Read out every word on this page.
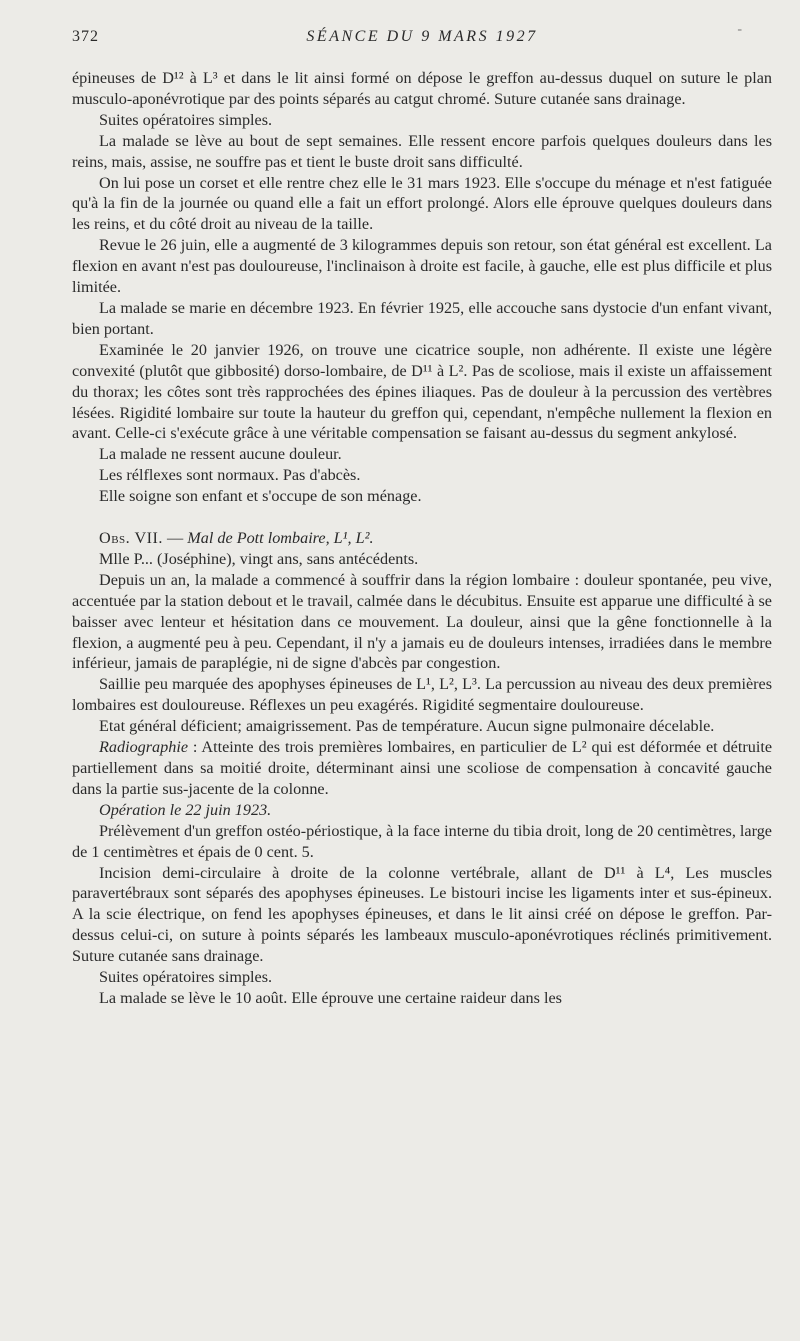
-
372	SÉANCE DU 9 MARS 1927

épineuses de D¹² à L³ et dans le lit ainsi formé on dépose le greffon au-dessus duquel on suture le plan musculo-aponévrotique par des points séparés au catgut chromé. Suture cutanée sans drainage.

Suites opératoires simples.

La malade se lève au bout de sept semaines. Elle ressent encore parfois quelques douleurs dans les reins, mais, assise, ne souffre pas et tient le buste droit sans difficulté.

On lui pose un corset et elle rentre chez elle le 31 mars 1923. Elle s'occupe du ménage et n'est fatiguée qu'à la fin de la journée ou quand elle a fait un effort prolongé. Alors elle éprouve quelques douleurs dans les reins, et du côté droit au niveau de la taille.

Revue le 26 juin, elle a augmenté de 3 kilogrammes depuis son retour, son état général est excellent. La flexion en avant n'est pas douloureuse, l'inclinaison à droite est facile, à gauche, elle est plus difficile et plus limitée.

La malade se marie en décembre 1923. En février 1925, elle accouche sans dystocie d'un enfant vivant, bien portant.

Examinée le 20 janvier 1926, on trouve une cicatrice souple, non adhérente. Il existe une légère convexité (plutôt que gibbosité) dorso-lombaire, de D¹¹ à L². Pas de scoliose, mais il existe un affaissement du thorax; les côtes sont très rapprochées des épines iliaques. Pas de douleur à la percussion des vertèbres lésées. Rigidité lombaire sur toute la hauteur du greffon qui, cependant, n'empêche nullement la flexion en avant. Celle-ci s'exécute grâce à une véritable compensation se faisant au-dessus du segment ankylosé.

La malade ne ressent aucune douleur.

Les rélflexes sont normaux. Pas d'abcès.

Elle soigne son enfant et s'occupe de son ménage.

Obs. VII. — Mal de Pott lombaire, L¹, L².

Mlle P... (Joséphine), vingt ans, sans antécédents.

Depuis un an, la malade a commencé à souffrir dans la région lombaire : douleur spontanée, peu vive, accentuée par la station debout et le travail, calmée dans le décubitus. Ensuite est apparue une difficulté à se baisser avec lenteur et hésitation dans ce mouvement. La douleur, ainsi que la gêne fonctionnelle à la flexion, a augmenté peu à peu. Cependant, il n'y a jamais eu de douleurs intenses, irradiées dans le membre inférieur, jamais de paraplégie, ni de signe d'abcès par congestion.

Saillie peu marquée des apophyses épineuses de L¹, L², L³. La percussion au niveau des deux premières lombaires est douloureuse. Réflexes un peu exagérés. Rigidité segmentaire douloureuse.

Etat général déficient; amaigrissement. Pas de température. Aucun signe pulmonaire décelable.

Radiographie : Atteinte des trois premières lombaires, en particulier de L² qui est déformée et détruite partiellement dans sa moitié droite, déterminant ainsi une scoliose de compensation à concavité gauche dans la partie sus-jacente de la colonne.

Opération le 22 juin 1923.

Prélèvement d'un greffon ostéo-périostique, à la face interne du tibia droit, long de 20 centimètres, large de 1 centimètres et épais de 0 cent. 5.

Incision demi-circulaire à droite de la colonne vertébrale, allant de D¹¹ à L⁴, Les muscles paravertébraux sont séparés des apophyses épineuses. Le bistouri incise les ligaments inter et sus-épineux. A la scie électrique, on fend les apophyses épineuses, et dans le lit ainsi créé on dépose le greffon. Par-dessus celui-ci, on suture à points séparés les lambeaux musculo-aponévrotiques réclinés primitivement. Suture cutanée sans drainage.

Suites opératoires simples.

La malade se lève le 10 août. Elle éprouve une certaine raideur dans les
